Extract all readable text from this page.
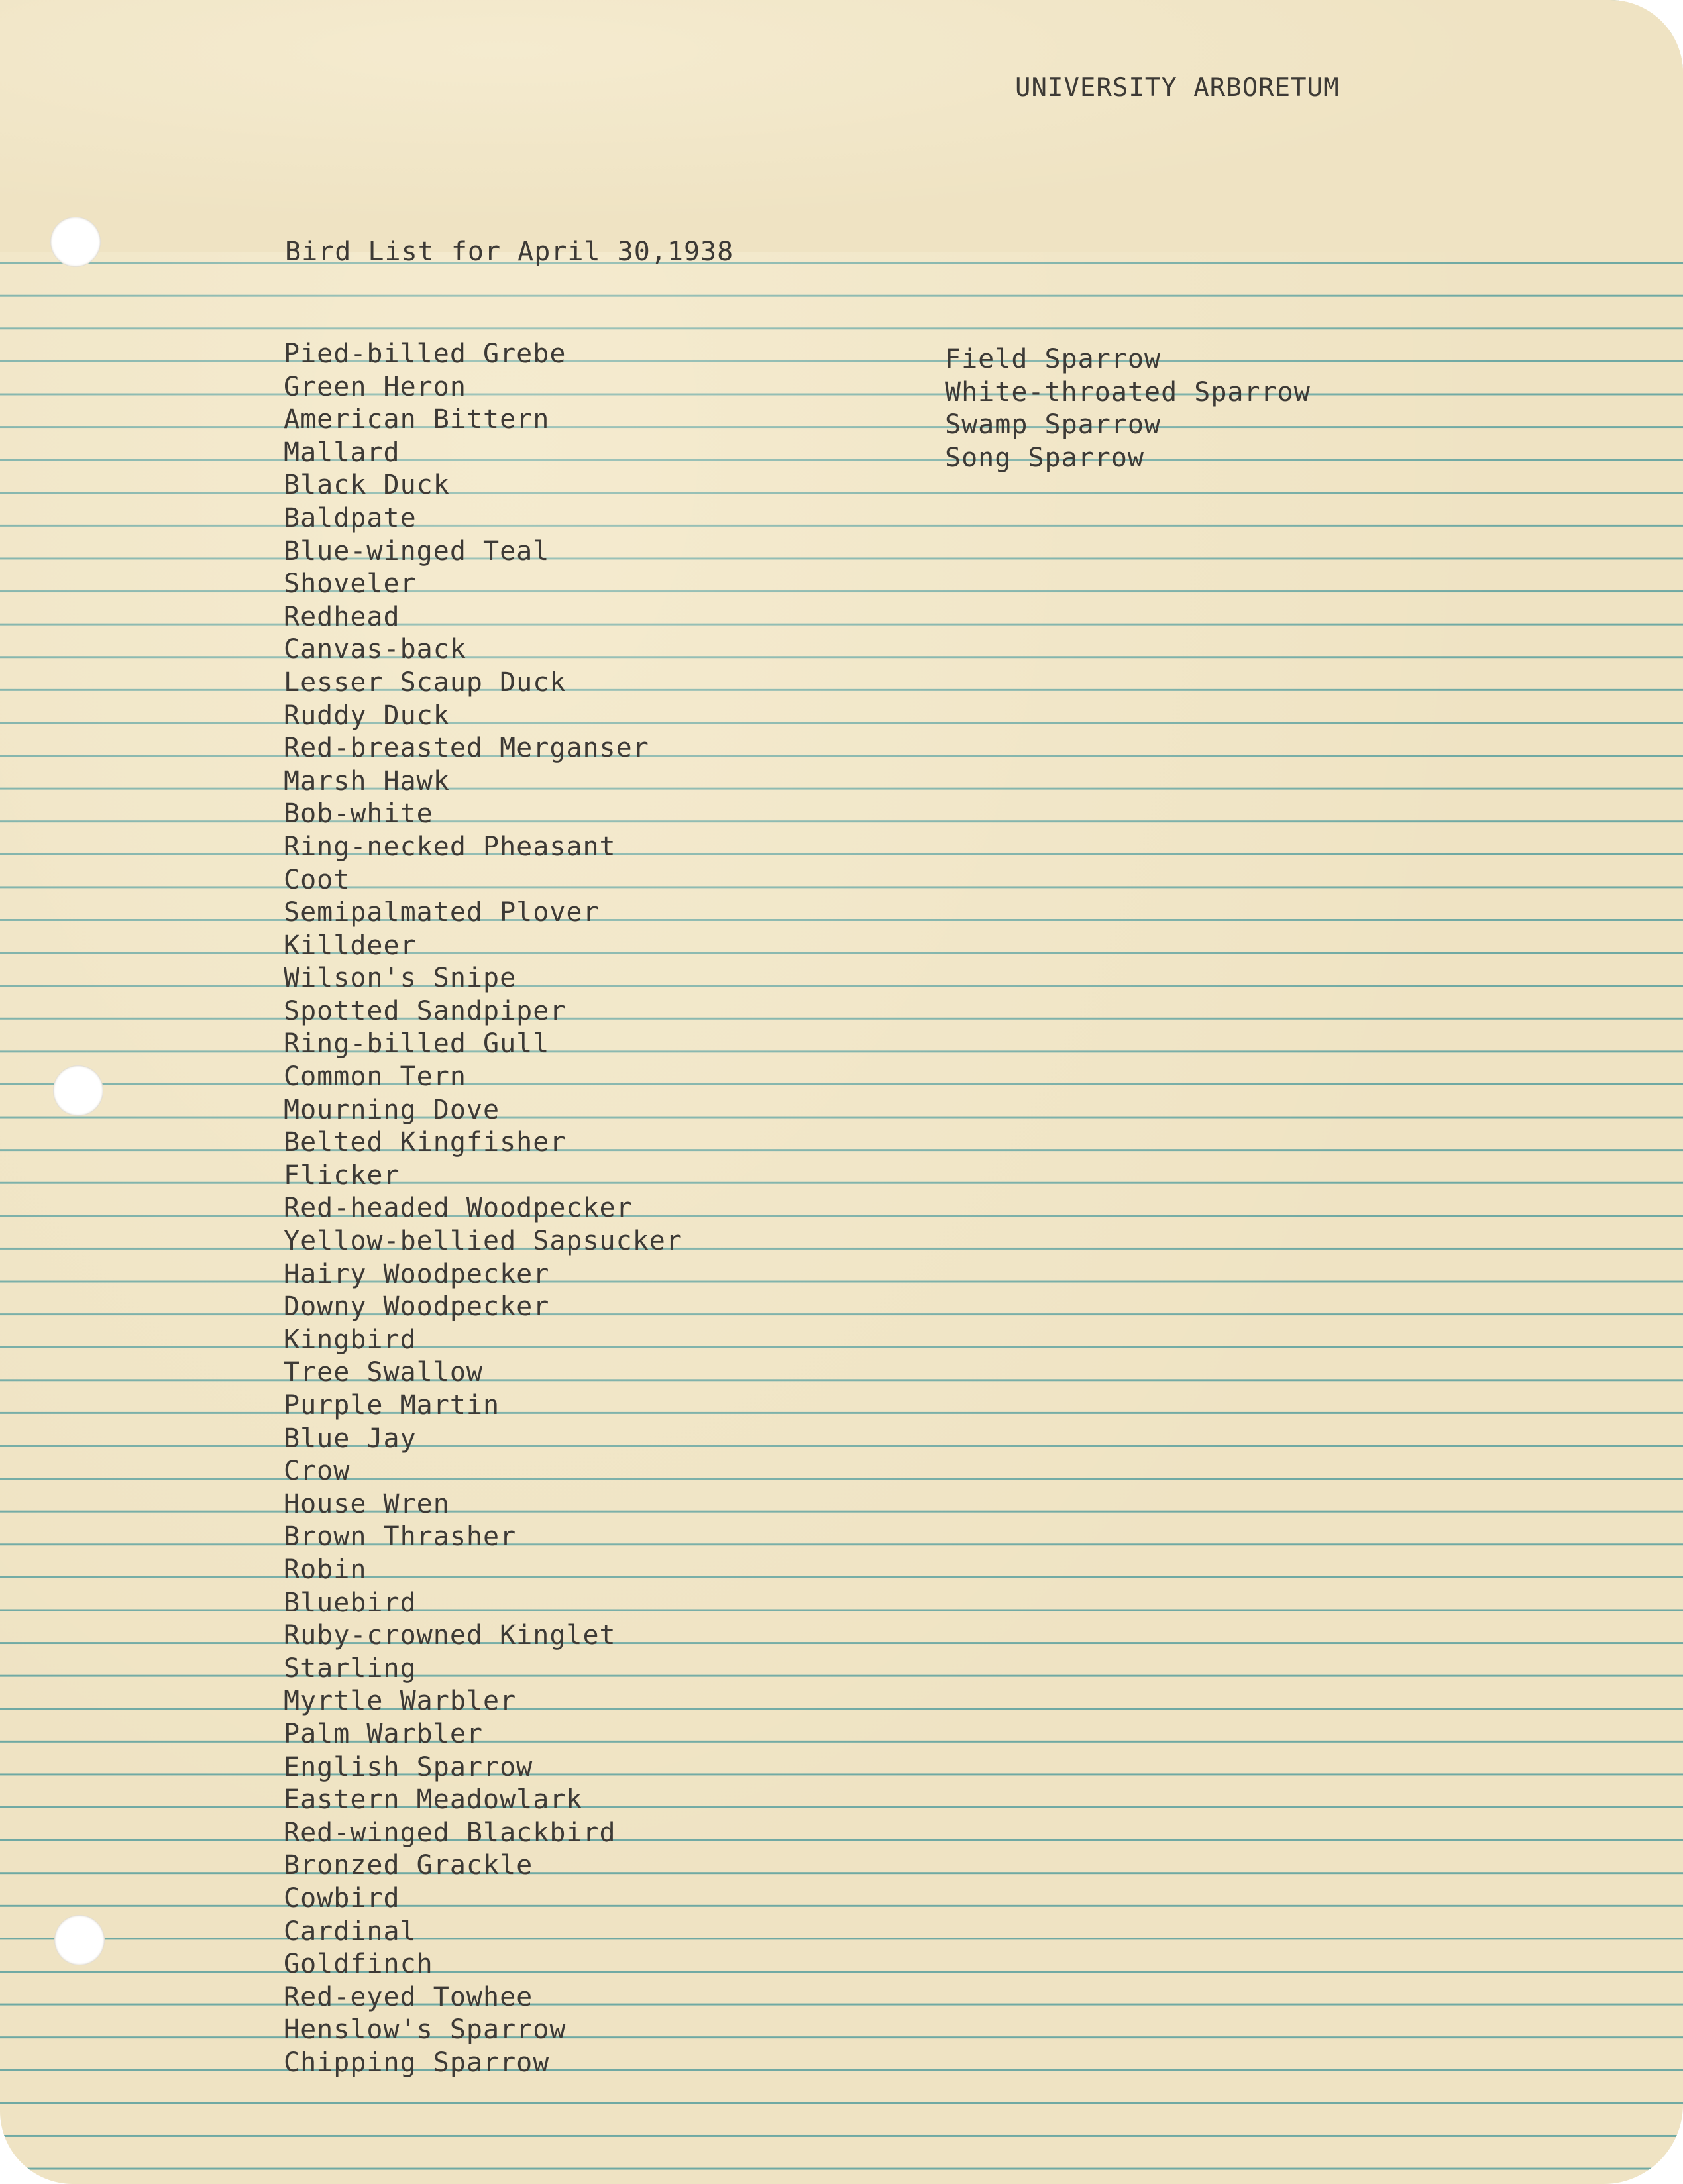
UNIVERSITY ARBORETUM
Bird List for April 30,1938
Pied-billed Grebe
Green Heron
American Bittern
Mallard
Black Duck
Baldpate
Blue-winged Teal
Shoveler
Redhead
Canvas-back
Lesser Scaup Duck
Ruddy Duck
Red-breasted Merganser
Marsh Hawk
Bob-white
Ring-necked Pheasant
Coot
Semipalmated Plover
Killdeer
Wilson's Snipe
Spotted Sandpiper
Ring-billed Gull
Common Tern
Mourning Dove
Belted Kingfisher
Flicker
Red-headed Woodpecker
Yellow-bellied Sapsucker
Hairy Woodpecker
Downy Woodpecker
Kingbird
Tree Swallow
Purple Martin
Blue Jay
Crow
House Wren
Brown Thrasher
Robin
Bluebird
Ruby-crowned Kinglet
Starling
Myrtle Warbler
Palm Warbler
English Sparrow
Eastern Meadowlark
Red-winged Blackbird
Bronzed Grackle
Cowbird
Cardinal
Goldfinch
Red-eyed Towhee
Henslow's Sparrow
Chipping Sparrow
Field Sparrow
White-throated Sparrow
Swamp Sparrow
Song Sparrow
